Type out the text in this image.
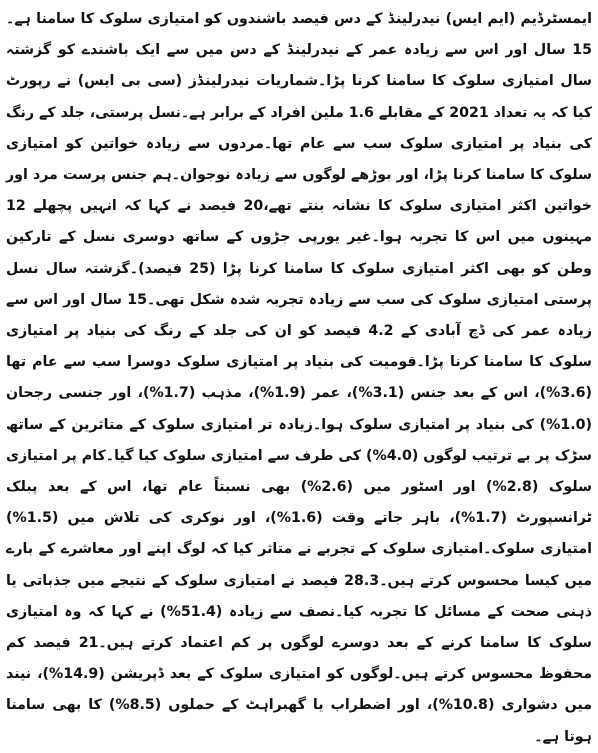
ایمسٹرڈیم (ایم ایس) نیدرلینڈ کے دس فیصد باشندوں کو امتیازی سلوک کا سامنا ہے۔15 سال اور اس سے زیادہ عمر کے نیدرلینڈ کے دس میں سے ایک باشندے کو گزشتہ سال امتیازی سلوک کا سامنا کرنا پڑا۔شماریات نیدرلینڈز (سی بی ایس) نے رپورٹ کیا کہ یہ تعداد 2021 کے مقابلے 1.6 ملین افراد کے برابر ہے۔نسل پرستی، جلد کے رنگ کی بنیاد پر امتیازی سلوک سب سے عام تھا۔مردوں سے زیادہ خواتین کو امتیازی سلوک کا سامنا کرنا پڑا، اور بوڑھے لوگوں سے زیادہ نوجوان۔ہم جنس پرست مرد اور خواتین اکثر امتیازی سلوک کا نشانہ بنتے تھے،20 فیصد نے کہا کہ انہیں پچھلے 12 مہینوں میں اس کا تجربہ ہوا۔غیر یورپی جڑوں کے ساتھ دوسری نسل کے تارکین وطن کو بھی اکثر امتیازی سلوک کا سامنا کرنا پڑا (25 فیصد)۔گزشتہ سال نسل پرستی امتیازی سلوک کی سب سے زیادہ تجربہ شدہ شکل تھی۔15 سال اور اس سے زیادہ عمر کی ڈچ آبادی کے 4.2 فیصد کو ان کی جلد کے رنگ کی بنیاد پر امتیازی سلوک کا سامنا کرنا پڑا۔قومیت کی بنیاد پر امتیازی سلوک دوسرا سب سے عام تھا (3.6%)، اس کے بعد جنس (3.1%)، عمر (1.9%)، مذہب (1.7%)، اور جنسی رجحان (1.0%) کی بنیاد پر امتیازی سلوک ہوا۔زیادہ تر امتیازی سلوک کے متاثرین کے ساتھ سڑک پر بے ترتیب لوگوں (4.0%) کی طرف سے امتیازی سلوک کیا گیا۔کام پر امتیازی سلوک (2.8%) اور اسٹور میں (2.6%) بھی نسبتاً عام تھا، اس کے بعد پبلک ٹرانسپورٹ (1.7%)، باہر جاتے وقت (1.6%)، اور نوکری کی تلاش میں (1.5%) امتیازی سلوک۔امتیازی سلوک کے تجربے نے متاثر کیا کہ لوگ اپنے اور معاشرے کے بارے میں کیسا محسوس کرتے ہیں۔28.3 فیصد نے امتیازی سلوک کے نتیجے میں جذباتی یا ذہنی صحت کے مسائل کا تجربہ کیا۔نصف سے زیادہ (51.4%) نے کہا کہ وہ امتیازی سلوک کا سامنا کرنے کے بعد دوسرے لوگوں پر کم اعتماد کرتے ہیں۔21 فیصد کم محفوظ محسوس کرتے ہیں۔لوگوں کو امتیازی سلوک کے بعد ڈپریشن (14.9%)، نیند میں دشواری (10.8%)، اور اضطراب یا گھبراہٹ کے حملوں (8.5%) کا بھی سامنا ہوتا ہے۔
